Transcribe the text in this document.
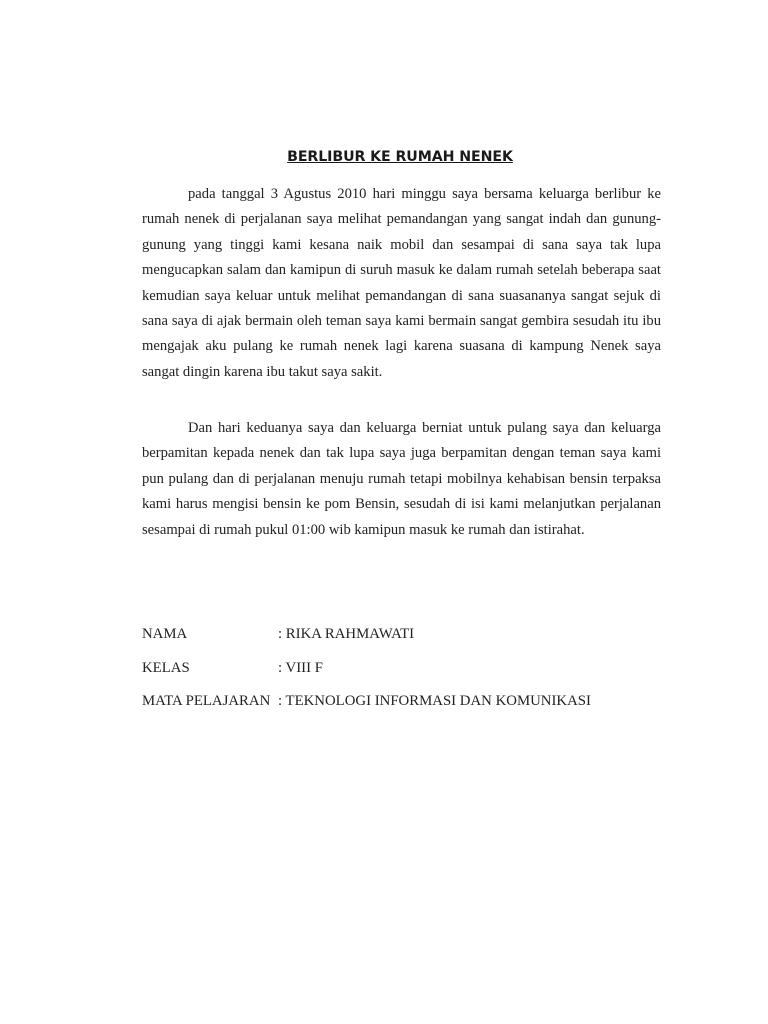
BERLIBUR KE RUMAH NENEK

pada tanggal 3 Agustus 2010 hari minggu saya bersama keluarga berlibur ke rumah nenek di perjalanan saya melihat pemandangan yang sangat indah dan gunung-gunung yang tinggi kami kesana naik mobil dan sesampai di sana saya tak lupa mengucapkan salam dan kamipun di suruh masuk ke dalam rumah setelah beberapa saat kemudian saya keluar untuk melihat pemandangan di sana suasananya sangat sejuk di sana saya di ajak bermain oleh teman saya kami bermain sangat gembira sesudah itu ibu mengajak aku pulang ke rumah nenek lagi karena suasana di kampung Nenek saya sangat dingin karena ibu takut saya sakit.

Dan hari keduanya saya dan keluarga berniat untuk pulang saya dan keluarga berpamitan kepada nenek dan tak lupa saya juga berpamitan dengan teman saya kami pun pulang dan di perjalanan menuju rumah tetapi mobilnya kehabisan bensin terpaksa kami harus mengisi bensin ke pom Bensin, sesudah di isi kami melanjutkan perjalanan sesampai di rumah pukul 01:00 wib kamipun masuk ke rumah dan istirahat.

NAMA	: RIKA RAHMAWATI
KELAS	: VIII F
MATA PELAJARAN : TEKNOLOGI INFORMASI DAN KOMUNIKASI
